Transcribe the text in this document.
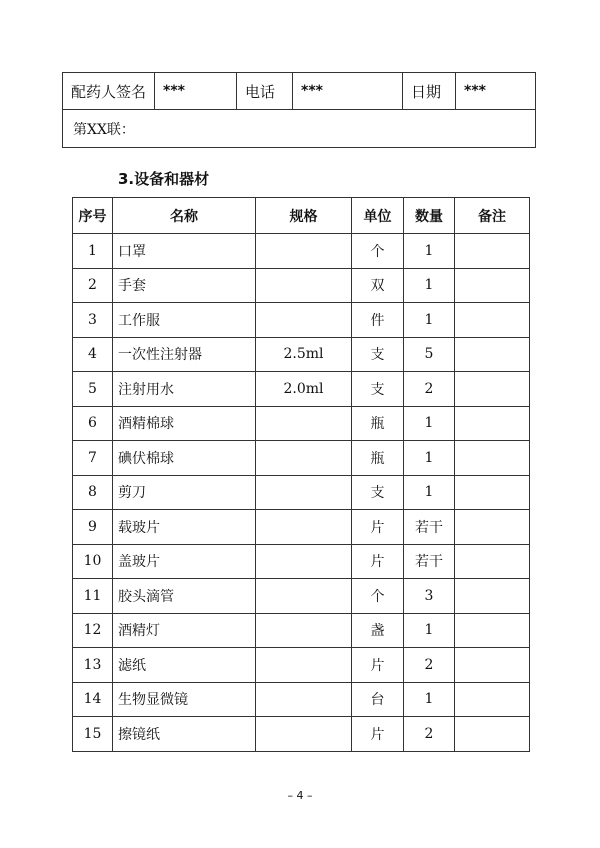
配药人签名	***	电话	***	日期	***
第XX联：
3.设备和器材
序号	名称	规格	单位	数量	备注
1	口罩		个	1	
2	手套		双	1	
3	工作服		件	1	
4	一次性注射器	2.5ml	支	5	
5	注射用水	2.0ml	支	2	
6	酒精棉球		瓶	1	
7	碘伏棉球		瓶	1	
8	剪刀		支	1	
9	载玻片		片	若干	
10	盖玻片		片	若干	
11	胶头滴管		个	3	
12	酒精灯		盏	1	
13	滤纸		片	2	
14	生物显微镜		台	1	
15	擦镜纸		片	2	
– 4 –
